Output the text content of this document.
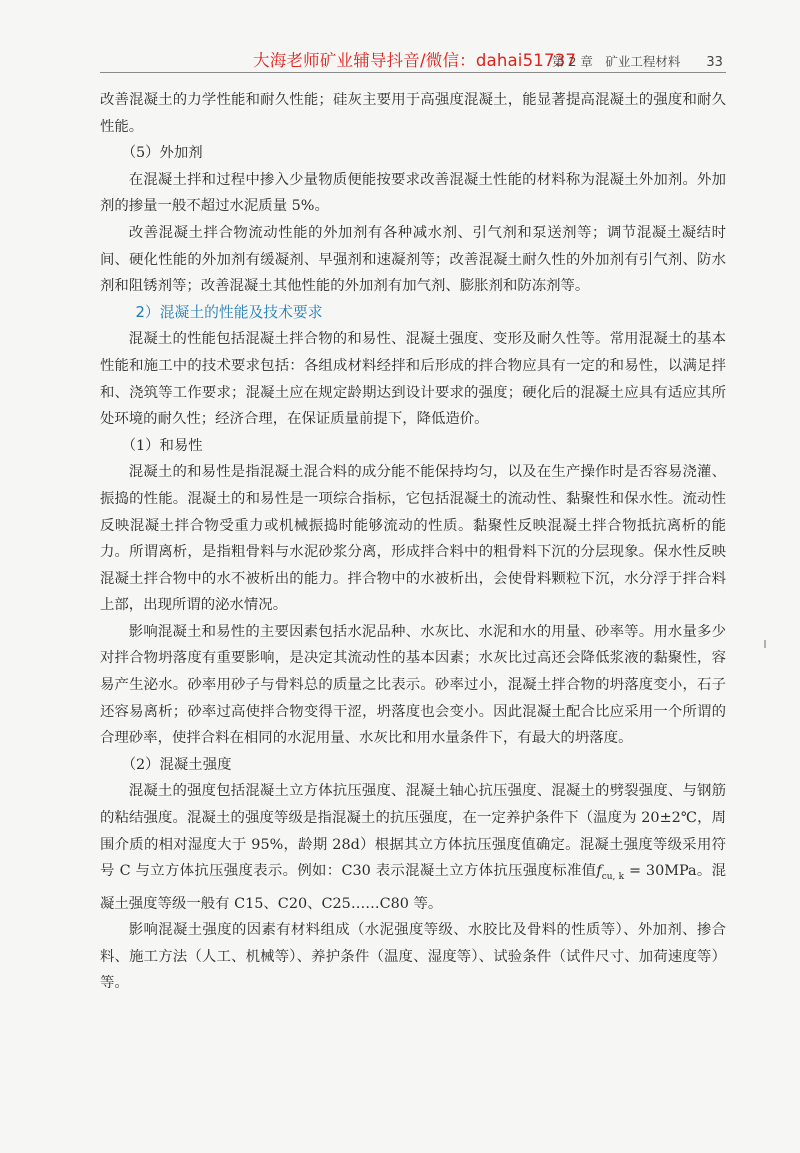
大海老师矿业辅导抖音/微信：dahai51737
第 2 章　矿业工程材料 33

改善混凝土的力学性能和耐久性能；硅灰主要用于高强度混凝土，能显著提高混凝土的强度和耐久性能。

（5）外加剂

在混凝土拌和过程中掺入少量物质便能按要求改善混凝土性能的材料称为混凝土外加剂。外加剂的掺量一般不超过水泥质量 5%。

改善混凝土拌合物流动性能的外加剂有各种减水剂、引气剂和泵送剂等；调节混凝土凝结时间、硬化性能的外加剂有缓凝剂、早强剂和速凝剂等；改善混凝土耐久性的外加剂有引气剂、防水剂和阻锈剂等；改善混凝土其他性能的外加剂有加气剂、膨胀剂和防冻剂等。

2）混凝土的性能及技术要求

混凝土的性能包括混凝土拌合物的和易性、混凝土强度、变形及耐久性等。常用混凝土的基本性能和施工中的技术要求包括：各组成材料经拌和后形成的拌合物应具有一定的和易性，以满足拌和、浇筑等工作要求；混凝土应在规定龄期达到设计要求的强度；硬化后的混凝土应具有适应其所处环境的耐久性；经济合理，在保证质量前提下，降低造价。

（1）和易性

混凝土的和易性是指混凝土混合料的成分能不能保持均匀，以及在生产操作时是否容易浇灌、振捣的性能。混凝土的和易性是一项综合指标，它包括混凝土的流动性、黏聚性和保水性。流动性反映混凝土拌合物受重力或机械振捣时能够流动的性质。黏聚性反映混凝土拌合物抵抗离析的能力。所谓离析，是指粗骨料与水泥砂浆分离，形成拌合料中的粗骨料下沉的分层现象。保水性反映混凝土拌合物中的水不被析出的能力。拌合物中的水被析出，会使骨料颗粒下沉，水分浮于拌合料上部，出现所谓的泌水情况。

影响混凝土和易性的主要因素包括水泥品种、水灰比、水泥和水的用量、砂率等。用水量多少对拌合物坍落度有重要影响，是决定其流动性的基本因素；水灰比过高还会降低浆液的黏聚性，容易产生泌水。砂率用砂子与骨料总的质量之比表示。砂率过小，混凝土拌合物的坍落度变小，石子还容易离析；砂率过高使拌合物变得干涩，坍落度也会变小。因此混凝土配合比应采用一个所谓的合理砂率，使拌合料在相同的水泥用量、水灰比和用水量条件下，有最大的坍落度。

（2）混凝土强度

混凝土的强度包括混凝土立方体抗压强度、混凝土轴心抗压强度、混凝土的劈裂强度、与钢筋的粘结强度。混凝土的强度等级是指混凝土的抗压强度，在一定养护条件下（温度为 20±2℃，周围介质的相对湿度大于 95%，龄期 28d）根据其立方体抗压强度值确定。混凝土强度等级采用符号 C 与立方体抗压强度表示。例如：C30 表示混凝土立方体抗压强度标准值$f_{cu, k} = 30MPa$。混凝土强度等级一般有 C15、C20、C25……C80 等。

影响混凝土强度的因素有材料组成（水泥强度等级、水胶比及骨料的性质等）、外加剂、掺合料、施工方法（人工、机械等）、养护条件（温度、湿度等）、试验条件（试件尺寸、加荷速度等）等。
